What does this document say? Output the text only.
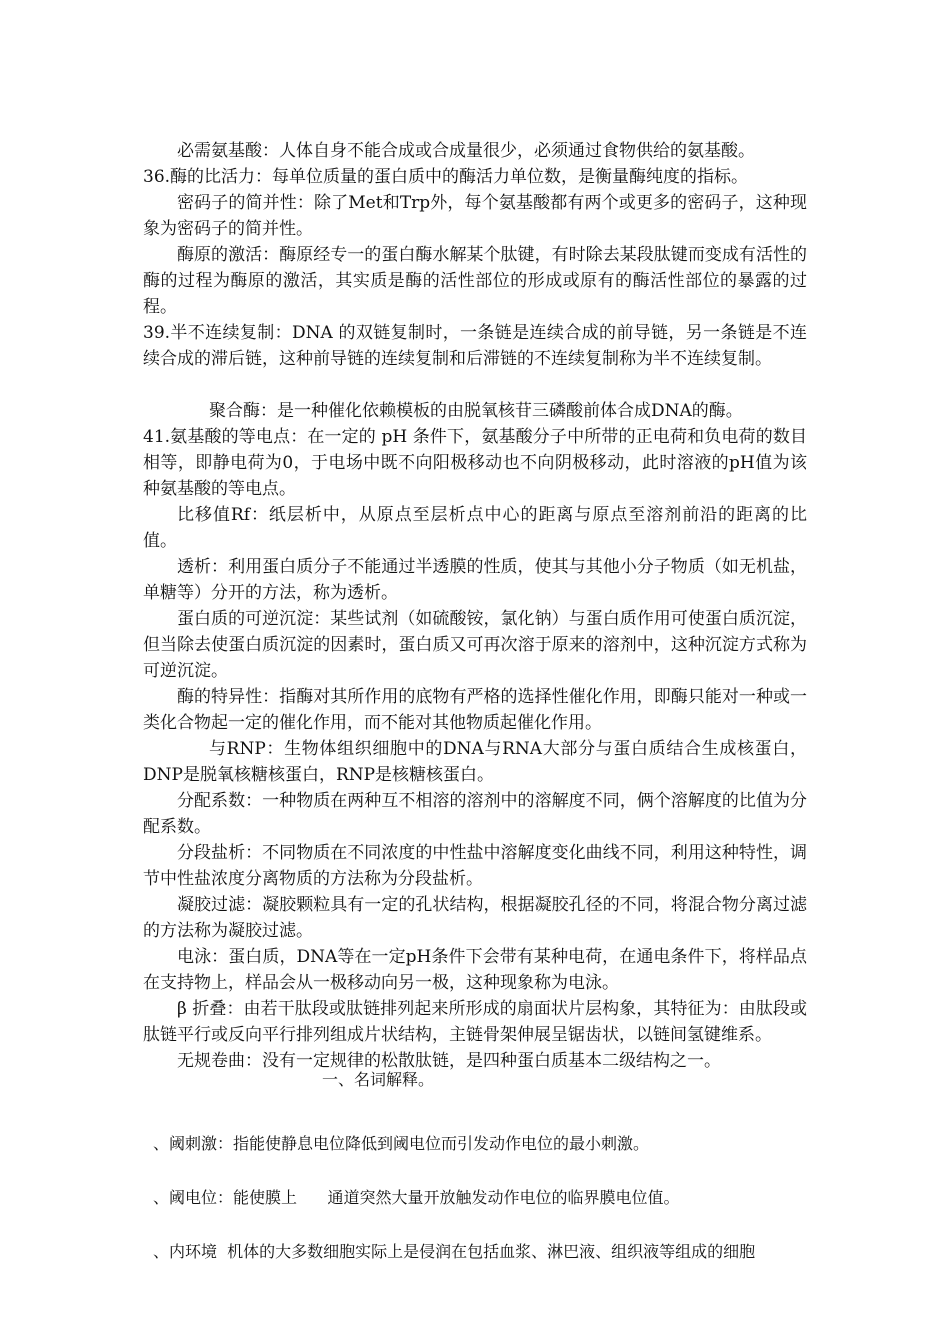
必需氨基酸：人体自身不能合成或合成量很少，必须通过食物供给的氨基酸。

36.酶的比活力：每单位质量的蛋白质中的酶活力单位数，是衡量酶纯度的指标。

密码子的简并性：除了Met和Trp外，每个氨基酸都有两个或更多的密码子，这种现象为密码子的简并性。

酶原的激活：酶原经专一的蛋白酶水解某个肽键，有时除去某段肽键而变成有活性的酶的过程为酶原的激活，其实质是酶的活性部位的形成或原有的酶活性部位的暴露的过程。

39.半不连续复制：DNA 的双链复制时，一条链是连续合成的前导链，另一条链是不连续合成的滞后链，这种前导链的连续复制和后滞链的不连续复制称为半不连续复制。

聚合酶：是一种催化依赖模板的由脱氧核苷三磷酸前体合成DNA的酶。

41.氨基酸的等电点：在一定的 pH 条件下，氨基酸分子中所带的正电荷和负电荷的数目相等，即静电荷为0，于电场中既不向阳极移动也不向阴极移动，此时溶液的pH值为该种氨基酸的等电点。

比移值Rf：纸层析中，从原点至层析点中心的距离与原点至溶剂前沿的距离的比值。

透析：利用蛋白质分子不能通过半透膜的性质，使其与其他小分子物质（如无机盐，单糖等）分开的方法，称为透析。

蛋白质的可逆沉淀：某些试剂（如硫酸铵，氯化钠）与蛋白质作用可使蛋白质沉淀，但当除去使蛋白质沉淀的因素时，蛋白质又可再次溶于原来的溶剂中，这种沉淀方式称为可逆沉淀。

酶的特异性：指酶对其所作用的底物有严格的选择性催化作用，即酶只能对一种或一类化合物起一定的催化作用，而不能对其他物质起催化作用。

与RNP：生物体组织细胞中的DNA与RNA大部分与蛋白质结合生成核蛋白，DNP是脱氧核糖核蛋白，RNP是核糖核蛋白。

分配系数：一种物质在两种互不相溶的溶剂中的溶解度不同，俩个溶解度的比值为分配系数。

分段盐析：不同物质在不同浓度的中性盐中溶解度变化曲线不同，利用这种特性，调节中性盐浓度分离物质的方法称为分段盐析。

凝胶过滤：凝胶颗粒具有一定的孔状结构，根据凝胶孔径的不同，将混合物分离过滤的方法称为凝胶过滤。

电泳：蛋白质，DNA等在一定pH条件下会带有某种电荷，在通电条件下，将样品点在支持物上，样品会从一极移动向另一极，这种现象称为电泳。

β 折叠：由若干肽段或肽链排列起来所形成的扇面状片层构象，其特征为：由肽段或肽链平行或反向平行排列组成片状结构，主链骨架伸展呈锯齿状，以链间氢键维系。

无规卷曲：没有一定规律的松散肽链，是四种蛋白质基本二级结构之一。

一、名词解释。

、阈刺激：指能使静息电位降低到阈电位而引发动作电位的最小刺激。

、阈电位：能使膜上      通道突然大量开放触发动作电位的临界膜电位值。

、内环境  机体的大多数细胞实际上是侵润在包括血浆、淋巴液、组织液等组成的细胞
